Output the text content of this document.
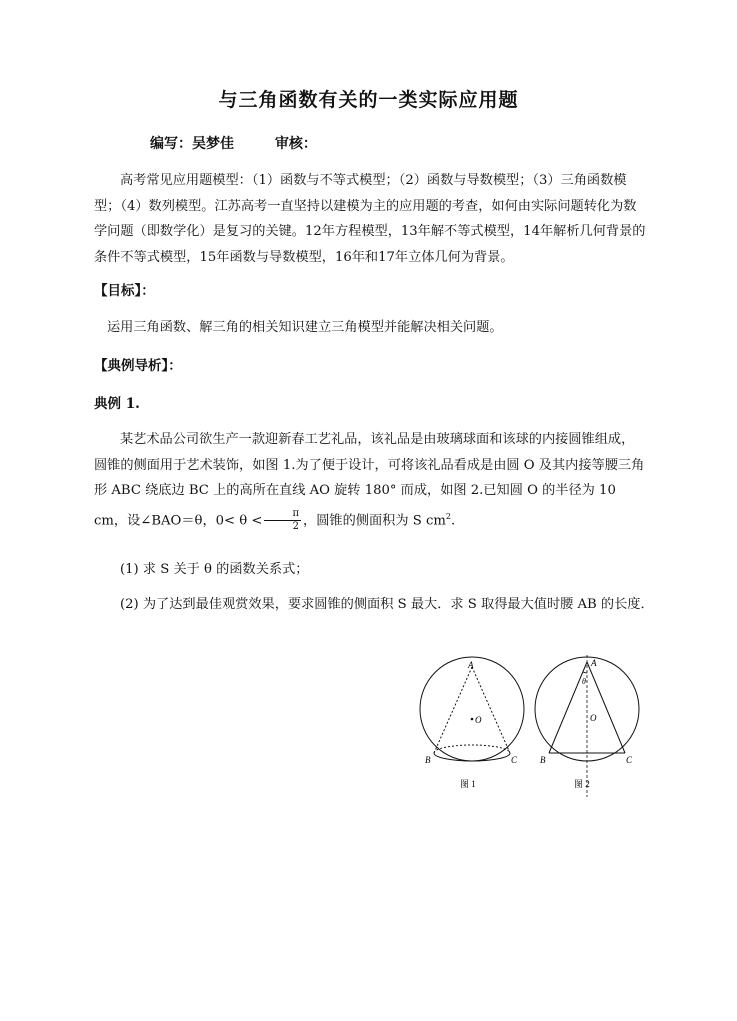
与三角函数有关的一类实际应用题
编写：吴梦佳	审核：
高考常见应用题模型：（1）函数与不等式模型；（2）函数与导数模型；（3）三角函数模型；（4）数列模型。江苏高考一直坚持以建模为主的应用题的考查，如何由实际问题转化为数学问题（即数学化）是复习的关键。12年方程模型，13年解不等式模型，14年解析几何背景的条件不等式模型，15年函数与导数模型，16年和17年立体几何为背景。
【目标】：
运用三角函数、解三角的相关知识建立三角模型并能解决相关问题。
【典例导析】：
典例 1.
某艺术品公司欲生产一款迎新春工艺礼品，该礼品是由玻璃球面和该球的内接圆锥组成，圆锥的侧面用于艺术装饰，如图 1.为了便于设计，可将该礼品看成是由圆 O 及其内接等腰三角形 ABC 绕底边 BC 上的高所在直线 AO 旋转 180° 而成，如图 2.已知圆 O 的半径为 10 cm，设∠BAO＝θ，$0< \theta < \frac{\pi}{2}$ ，圆锥的侧面积为 S $cm^2$.
(1) 求 S 关于 θ 的函数关系式；
(2) 为了达到最佳观赏效果，要求圆锥的侧面积 S 最大．求 S 取得最大值时腰 AB 的长度．
A
B	C
O
图 1
θ
A
B	C
O
图 2
